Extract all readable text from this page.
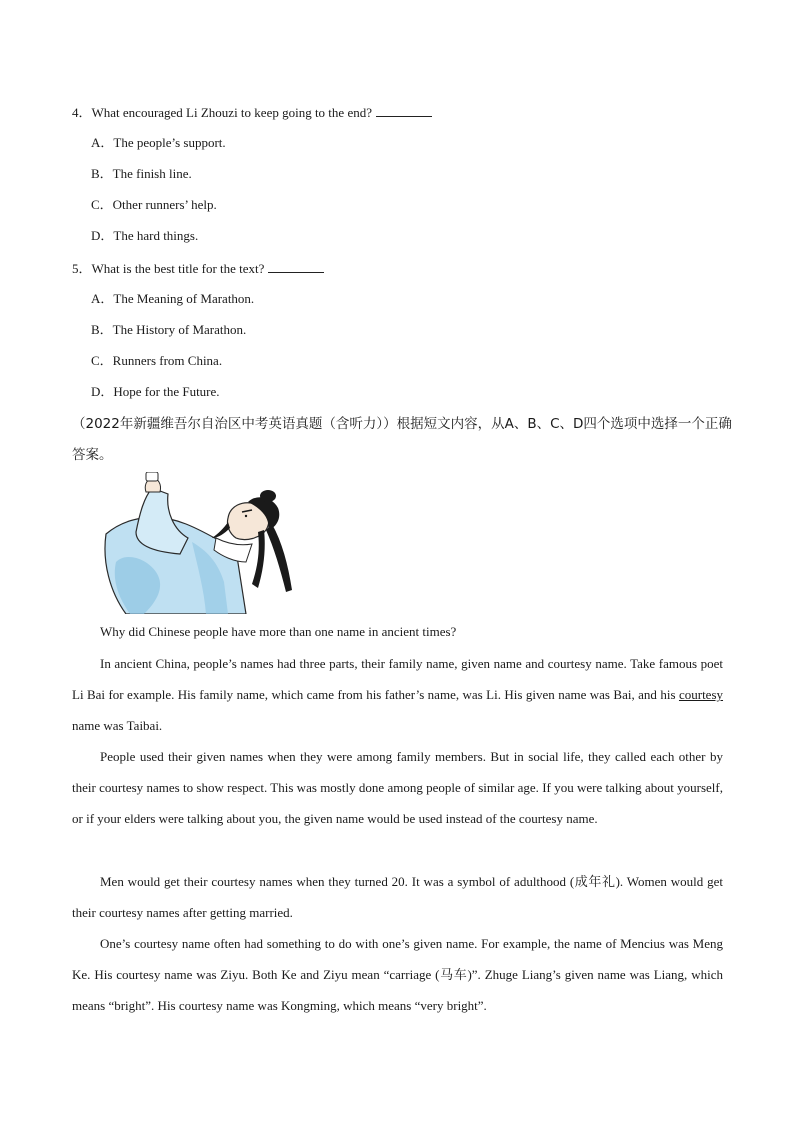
4．What encouraged Li Zhouzi to keep going to the end?
A．The people’s support.
B．The finish line.
C．Other runners’ help.
D．The hard things.
5．What is the best title for the text?
A．The Meaning of Marathon.
B．The History of Marathon.
C．Runners from China.
D．Hope for the Future.
（2022年新疆维吾尔自治区中考英语真题（含听力））根据短文内容，从A、B、C、D四个选项中选择一个正确答案。
Why did Chinese people have more than one name in ancient times?
In ancient China, people’s names had three parts, their family name, given name and courtesy name. Take famous poet Li Bai for example. His family name, which came from his father’s name, was Li. His given name was Bai, and his courtesy name was Taibai.
People used their given names when they were among family members. But in social life, they called each other by their courtesy names to show respect. This was mostly done among people of similar age. If you were talking about yourself, or if your elders were talking about you, the given name would be used instead of the courtesy name.
Men would get their courtesy names when they turned 20. It was a symbol of adulthood (成年礼). Women would get their courtesy names after getting married.
One’s courtesy name often had something to do with one’s given name. For example, the name of Mencius was Meng Ke. His courtesy name was Ziyu. Both Ke and Ziyu mean “carriage (马车)”. Zhuge Liang’s given name was Liang, which means “bright”. His courtesy name was Kongming, which means “very bright”.
